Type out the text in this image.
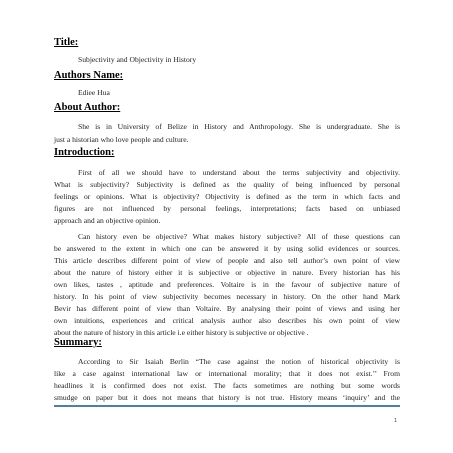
Title:
Subjectivity and Objectivity in History
Authors Name:
Ediee Hua
About Author:
She is in University of Belize in History and Anthropology. She is undergraduate. She is
just a historian who love people and culture.
Introduction:
First of all we should have to understand about the terms subjectivity and objectivity.
What is subjectivity? Subjectivity is defined as the quality of being influenced by personal
feelings or opinions. What is objectivity? Objectivity is defined as the term in which facts and
figures are not influenced by personal feelings, interpretations; facts based on unbiased
approach and an objective opinion.
Can history even be objective? What makes history subjective? All of these questions can
be answered to the extent in which one can be answered it by using solid evidences or sources.
This article describes different point of view of people and also tell author’s own point of view
about the nature of history either it is subjective or objective in nature. Every historian has his
own likes, tastes , aptitude and preferences. Voltaire is in the favour of subjective nature of
history. In his point of view subjectivity becomes necessary in history. On the other hand Mark
Bevir has different point of view than Voltaire. By analysing their point of views and using her
own intuitions, experiences and critical analysis author also describes his own point of view
about the nature of history in this article i.e either history is subjective or objective .
Summary:
According to Sir Isaiah Berlin “The case against the notion of historical objectivity is
like a case against international law or international morality; that it does not exist.’’ From
headlines it is confirmed does not exist. The facts sometimes are nothing but some words
smudge on paper but it does not means that history is not true. History means ‘inquiry’ and the
1
